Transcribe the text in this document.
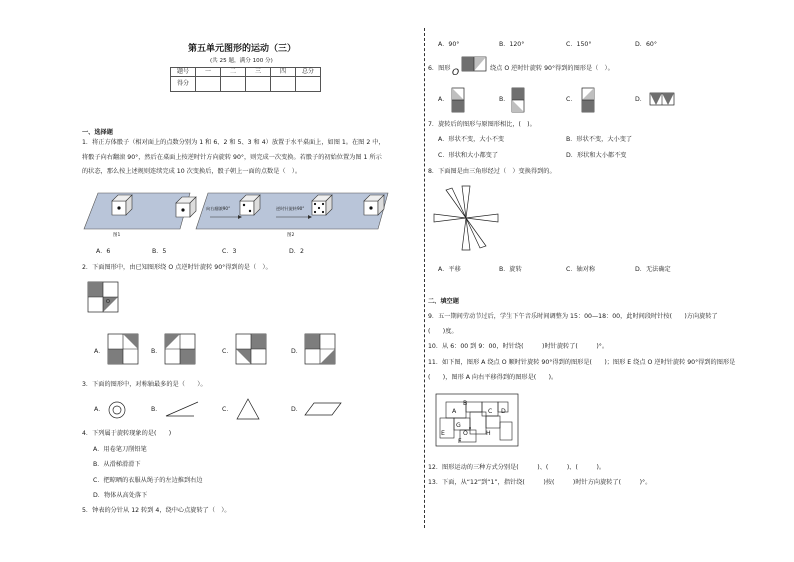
第五单元图形的运动（三）
(共 25 题，满分 100 分)
题号	一	二	三	四	总分
得分					
一、选择题
1．将正方体骰子（相对面上的点数分别为 1 和 6、2 和 5、3 和 4）放置于水平桌面上，如图 1。在图 2 中，
将骰子向右翻滚 90°，然后在桌面上按逆时针方向旋转 90°，则完成一次变换。若骰子的初始位置为图 1 所示
的状态，那么按上述规则连续完成 10 次变换后，骰子朝上一面的点数是（　）。
向右翻滚90°	逆时针旋转90°
图1	图2
A．6	B．5	C．3	D．2
2．下面图形中，由已知图形绕 O 点逆时针旋转 90°得到的是（　）。
O
A．	B．	C．	D．
3．下面的图形中，对称轴最多的是（　　）。
A．	B．	C．	D．
4．下列属于旋转现象的是(　　)
A．用卷笔刀削铅笔
B．从滑梯滑滑下
C．把晾晒的衣服从绳子的左边推到右边
D．物体从高处落下
5．钟表的分针从 12 转到 4，绕中心点旋转了（　）。
A．90°	B．120°	C．150°	D．60°
6．图形 O	绕点 O 逆时针旋转 90°得到的图形是（　）。
A．	B．	C．	D．
7．旋转后的图形与原图形相比，(　)。
A．形状不变，大小不变	B．形状不变，大小变了
C．形状和大小都变了	D．形状和大小都不变
8．下面图是由三角形经过（　）变换得到的。
A．平移	B．旋转	C．轴对称	D．无法确定
二、填空题
9．五一期间劳动节过后，学生下午音乐时间调整为 15：00—18：00，此时间段时针按(　　)方向旋转了
(　　)度。
10．从 6：00 到 9：00，时针绕(　　　)时针旋转了(　　　)°。
11．如下图，图形 A 绕点 O 顺时针旋转 90°得到的图形是(　　)；图形 E 绕点 O 逆时针旋转 90°得到的图形是
(　　)，图形 A 向右平移得到的图形是(　　)。
A
B
C D
E
G
O
F
H
12．图形运动的三种方式分别是(　　　)、(　　　)、(　　　)。
13．下面，从“12”到“1”，指针绕(　　　)按(　　　)时针方向旋转了(　　　)°。
